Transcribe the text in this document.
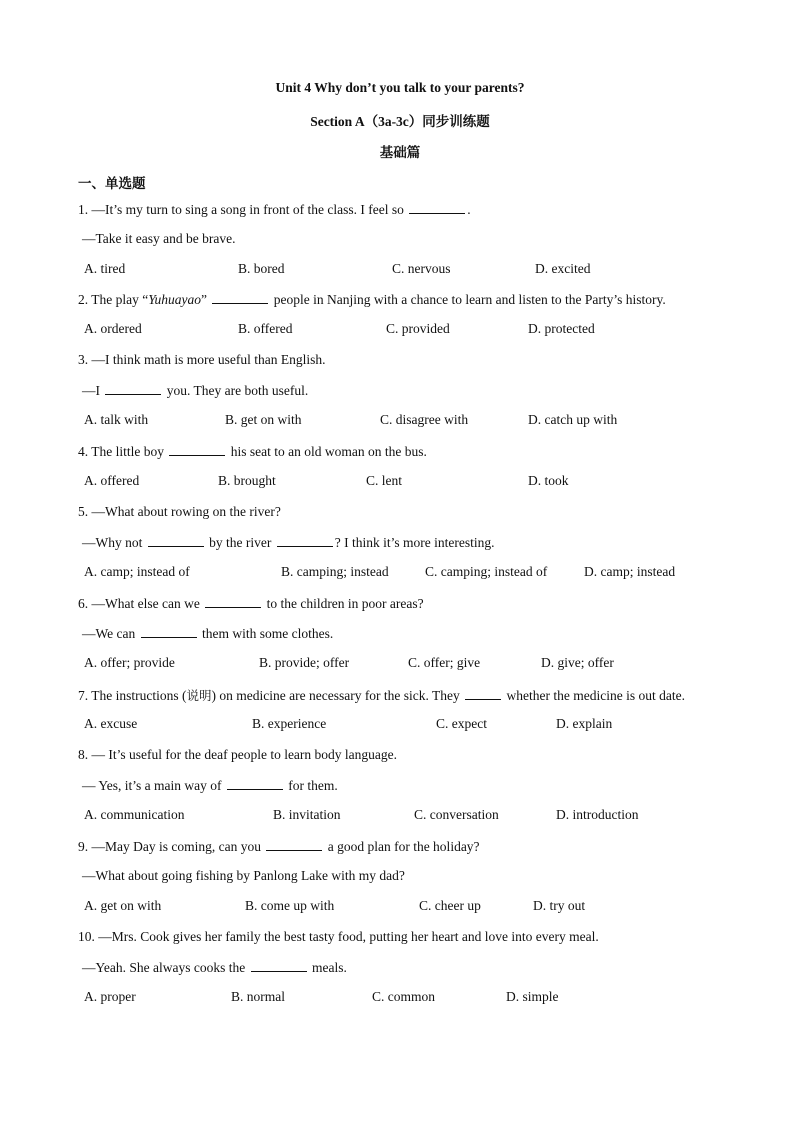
Unit 4 Why don’t you talk to your parents?
Section A（3a-3c）同步训练题
基础篇
一、单选题
1. —It’s my turn to sing a song in front of the class. I feel so	.
—Take it easy and be brave.
A. tired	B. bored	C. nervous	D. excited
2. The play “Yuhuayao”	people in Nanjing with a chance to learn and listen to the Party’s history.
A. ordered	B. offered	C. provided	D. protected
3. —I think math is more useful than English.
—I	you. They are both useful.
A. talk with	B. get on with	C. disagree with	D. catch up with
4. The little boy	his seat to an old woman on the bus.
A. offered	B. brought	C. lent	D. took
5. —What about rowing on the river?
—Why not	by the river	? I think it’s more interesting.
A. camp; instead of	B. camping; instead	C. camping; instead of	D. camp; instead
6. —What else can we	to the children in poor areas?
—We can	them with some clothes.
A. offer; provide	B. provide; offer	C. offer; give	D. give; offer
7. The instructions (说明) on medicine are necessary for the sick. They	whether the medicine is out date.
A. excuse	B. experience	C. expect	D. explain
8. — It’s useful for the deaf people to learn body language.
— Yes, it’s a main way of	for them.
A. communication	B. invitation	C. conversation	D. introduction
9. —May Day is coming, can you	a good plan for the holiday?
—What about going fishing by Panlong Lake with my dad?
A. get on with	B. come up with	C. cheer up	D. try out
10. —Mrs. Cook gives her family the best tasty food, putting her heart and love into every meal.
—Yeah. She always cooks the	meals.
A. proper	B. normal	C. common	D. simple
